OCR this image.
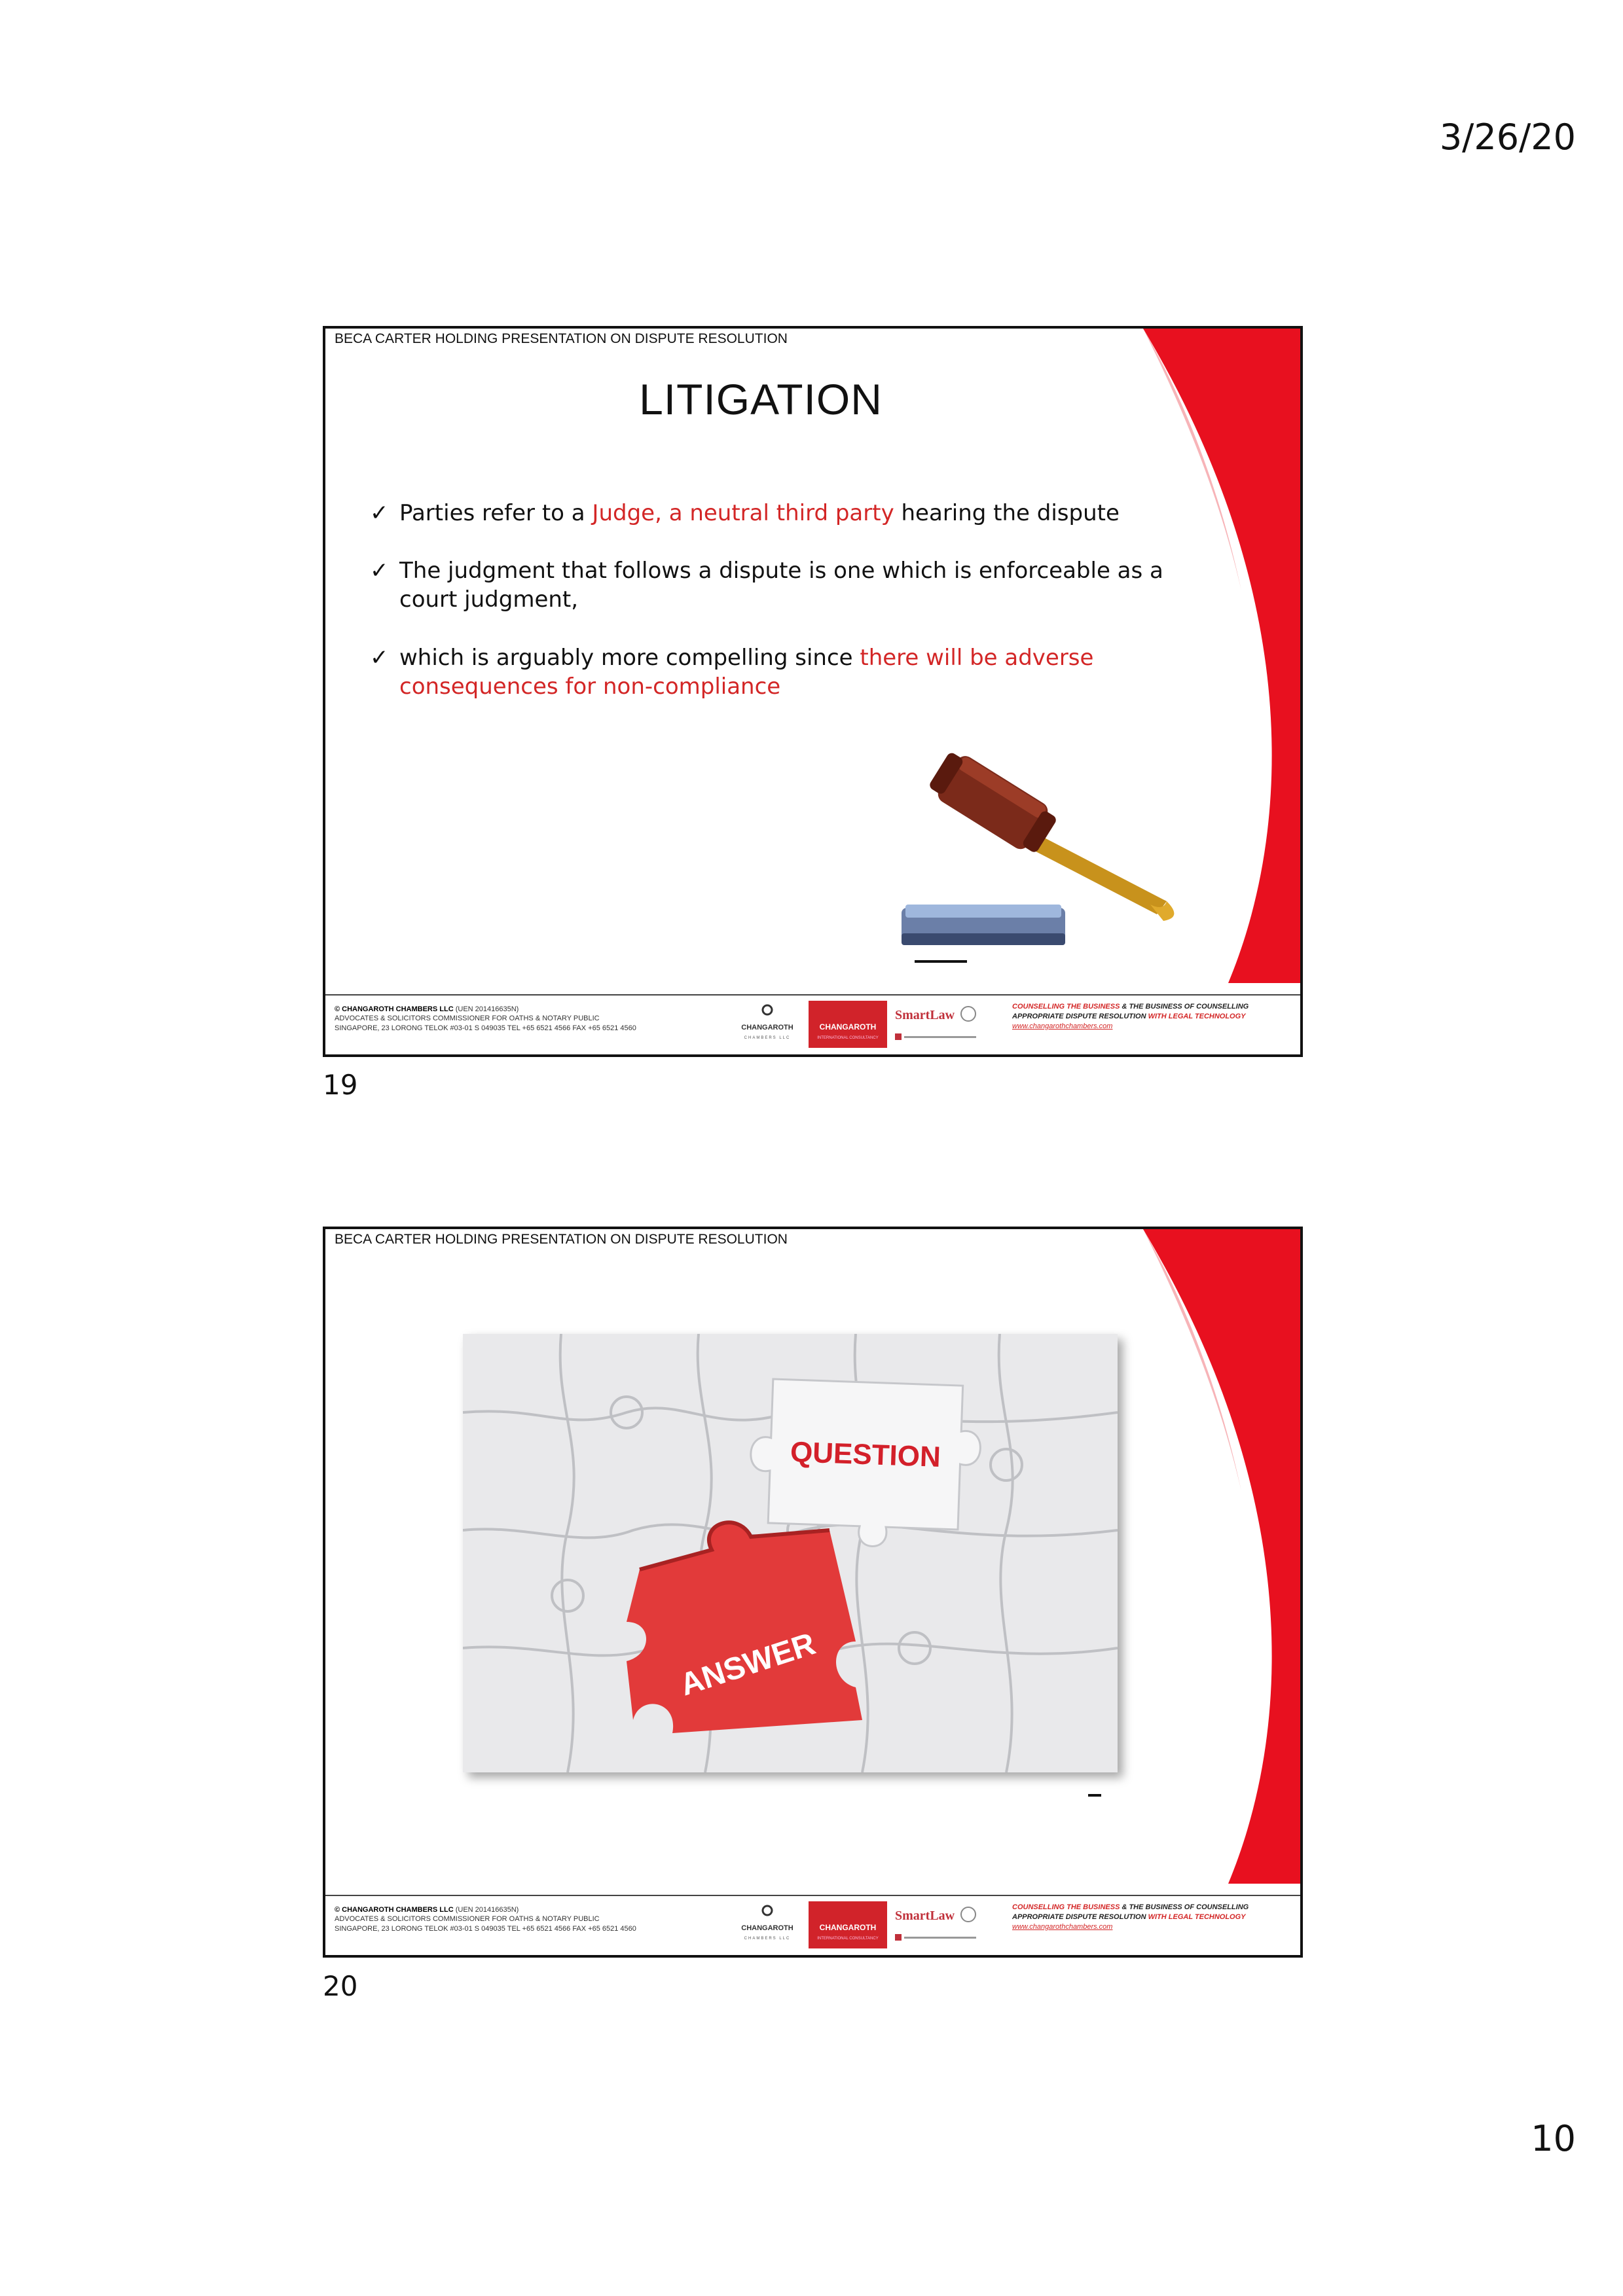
3/26/20
BECA CARTER HOLDING PRESENTATION ON DISPUTE RESOLUTION
LITIGATION
✓ Parties refer to a Judge, a neutral third party hearing the dispute
✓ The judgment that follows a dispute is one which is enforceable as a court judgment,
✓ which is arguably more compelling since there will be adverse consequences for non-compliance
© CHANGAROTH CHAMBERS LLC (UEN 201416635N)
ADVOCATES & SOLICITORS COMMISSIONER FOR OATHS & NOTARY PUBLIC
SINGAPORE, 23 LORONG TELOK #03-01 S 049035 TEL +65 6521 4566 FAX +65 6521 4560	CHANGAROTH
CHAMBERS LLC
CHANGAROTH
INTERNATIONAL CONSULTANCY
SmartLaw
COUNSELLING THE BUSINESS & THE BUSINESS OF COUNSELLING
APPROPRIATE DISPUTE RESOLUTION WITH LEGAL TECHNOLOGY
www.changarothchambers.com
19
BECA CARTER HOLDING PRESENTATION ON DISPUTE RESOLUTION
QUESTION
ANSWER
© CHANGAROTH CHAMBERS LLC (UEN 201416635N)
ADVOCATES & SOLICITORS COMMISSIONER FOR OATHS & NOTARY PUBLIC
SINGAPORE, 23 LORONG TELOK #03-01 S 049035 TEL +65 6521 4566 FAX +65 6521 4560	CHANGAROTH
CHAMBERS LLC
CHANGAROTH
INTERNATIONAL CONSULTANCY
SmartLaw
COUNSELLING THE BUSINESS & THE BUSINESS OF COUNSELLING
APPROPRIATE DISPUTE RESOLUTION WITH LEGAL TECHNOLOGY
www.changarothchambers.com
20
10
